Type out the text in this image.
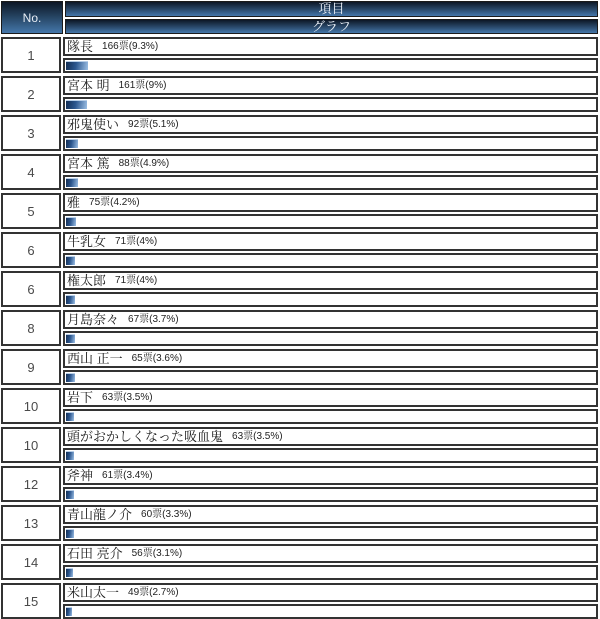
No.
項目
グラフ
1
隊長 166票(9.3%)
2
宮本 明 161票(9%)
3
邪鬼使い 92票(5.1%)
4
宮本 篤 88票(4.9%)
5
雅 75票(4.2%)
6
牛乳女 71票(4%)
6
権太郎 71票(4%)
8
月島奈々 67票(3.7%)
9
西山 正一 65票(3.6%)
10
岩下 63票(3.5%)
10
頭がおかしくなった吸血鬼 63票(3.5%)
12
斧神 61票(3.4%)
13
青山龍ノ介 60票(3.3%)
14
石田 亮介 56票(3.1%)
15
米山太一 49票(2.7%)
